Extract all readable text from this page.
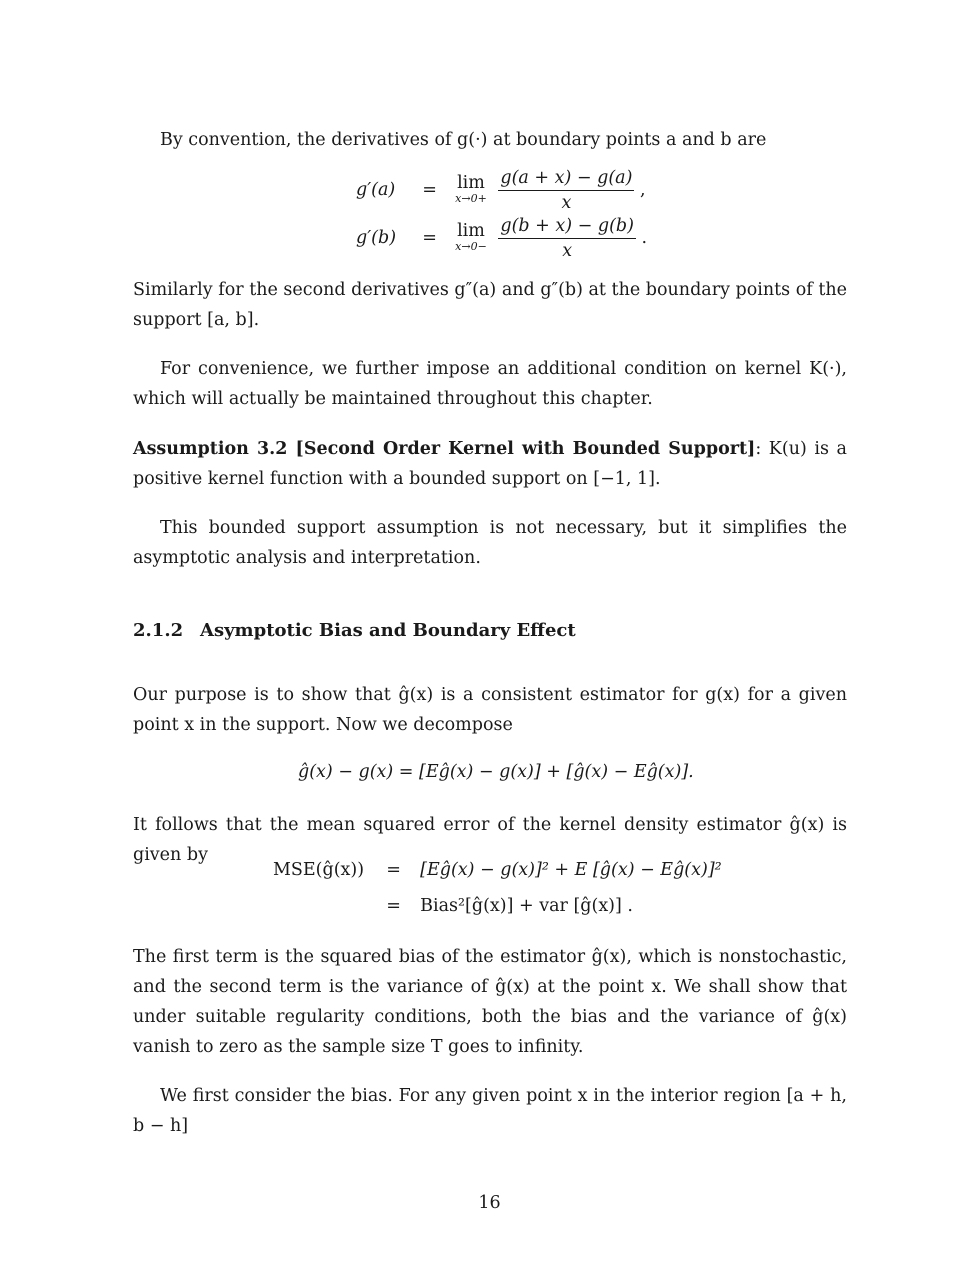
By convention, the derivatives of g(·) at boundary points a and b are

g′(a) = lim
x→0+
$\frac{g(a + x) - g(a)}{x}$ ,
g′(b) = lim
x→0−
$\frac{g(b + x) - g(b)}{x}$ .

Similarly for the second derivatives g″(a) and g″(b) at the boundary points of the support [a, b].

For convenience, we further impose an additional condition on kernel K(·), which will actually be maintained throughout this chapter.

Assumption 3.2 [Second Order Kernel with Bounded Support]: K(u) is a positive kernel function with a bounded support on [−1, 1].

This bounded support assumption is not necessary, but it simplifies the asymptotic analysis and interpretation.

2.1.2 Asymptotic Bias and Boundary Effect

Our purpose is to show that ĝ(x) is a consistent estimator for g(x) for a given point x in the support. Now we decompose

ĝ(x) − g(x) = [Eĝ(x) − g(x)] + [ĝ(x) − Eĝ(x)].

It follows that the mean squared error of the kernel density estimator ĝ(x) is given by

MSE(ĝ(x)) = [Eĝ(x) − g(x)]² + E [ĝ(x) − Eĝ(x)]²
= Bias²[ĝ(x)] + var [ĝ(x)] .

The first term is the squared bias of the estimator ĝ(x), which is nonstochastic, and the second term is the variance of ĝ(x) at the point x. We shall show that under suitable regularity conditions, both the bias and the variance of ĝ(x) vanish to zero as the sample size T goes to infinity.

We first consider the bias. For any given point x in the interior region [a + h, b − h]

16
